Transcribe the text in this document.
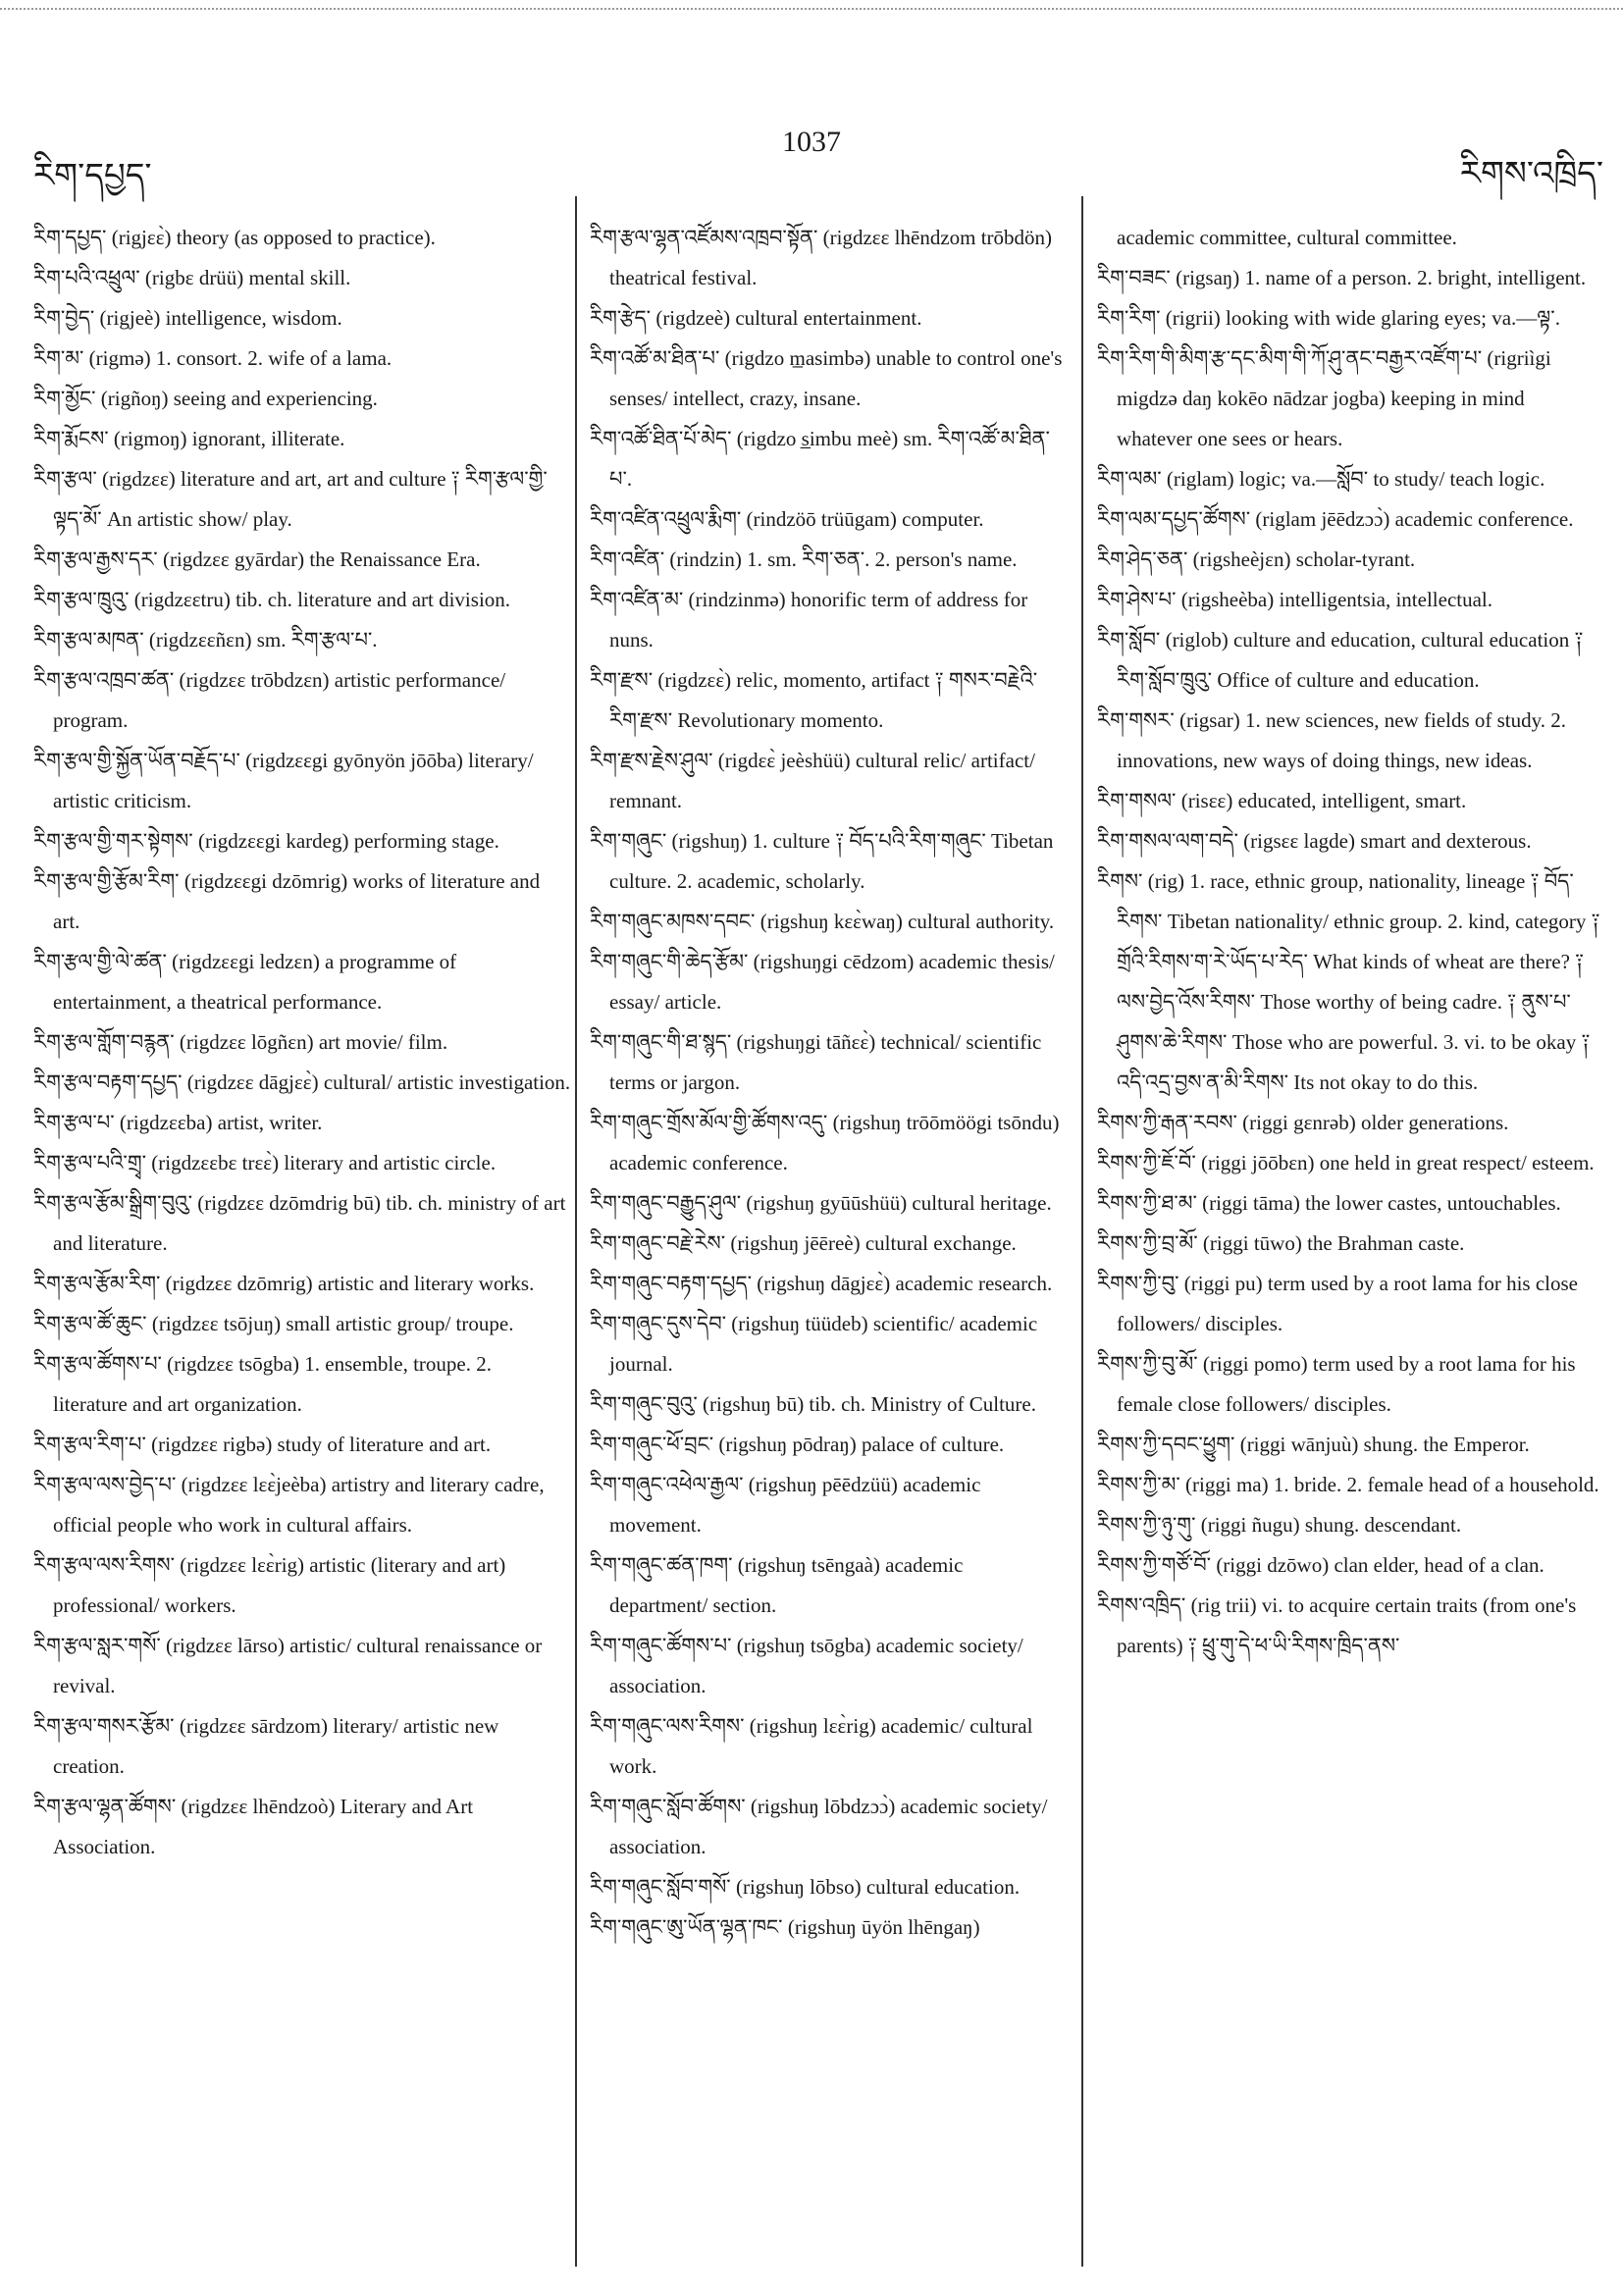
རིག་དཔྱད་
1037
རིགས་འཁྲིད་

རིག་དཔྱད་ (rigjɛɛ̀) theory (as opposed to practice).

རིག་པའི་འཕྲུལ་ (rigbɛ drüü) mental skill.

རིག་བྱེད་ (rigjeè) intelligence, wisdom.

རིག་མ་ (rigmə) 1. consort. 2. wife of a lama.

རིག་མྱོང་ (rigñoŋ) seeing and experiencing.

རིག་རྨོངས་ (rigmoŋ) ignorant, illiterate.

རིག་རྩལ་ (rigdzɛɛ) literature and art, art and culture ༑ རིག་རྩལ་གྱི་ལྟད་མོ་ An artistic show/ play.

རིག་རྩལ་རྒྱས་དར་ (rigdzɛɛ gyārdar) the Renaissance Era.

རིག་རྩལ་ཁྲུའུ་ (rigdzɛɛtru) tib. ch. literature and art division.

རིག་རྩལ་མཁན་ (rigdzɛɛñɛn) sm. རིག་རྩལ་པ་.

རིག་རྩལ་འཁྲབ་ཚན་ (rigdzɛɛ trōbdzɛn) artistic performance/ program.

རིག་རྩལ་གྱི་སྐྱོན་ཡོན་བརྗོད་པ་ (rigdzɛɛgi gyōnyön jōōba) literary/ artistic criticism.

རིག་རྩལ་གྱི་གར་སྟེགས་ (rigdzɛɛgi kardeg) performing stage.

རིག་རྩལ་གྱི་རྩོམ་རིག་ (rigdzɛɛgi dzōmrig) works of literature and art.

རིག་རྩལ་གྱི་ལེ་ཚན་ (rigdzɛɛgi ledzɛn) a programme of entertainment, a theatrical performance.

རིག་རྩལ་གློག་བརྙན་ (rigdzɛɛ lōgñɛn) art movie/ film.

རིག་རྩལ་བརྟག་དཔྱད་ (rigdzɛɛ dāgjɛɛ̀) cultural/ artistic investigation.

རིག་རྩལ་པ་ (rigdzɛɛba) artist, writer.

རིག་རྩལ་པའི་གྲྭ་ (rigdzɛɛbɛ trɛɛ̀) literary and artistic circle.

རིག་རྩལ་རྩོམ་སྒྲིག་བུའུ་ (rigdzɛɛ dzōmdrig bū) tib. ch. ministry of art and literature.

རིག་རྩལ་རྩོམ་རིག་ (rigdzɛɛ dzōmrig) artistic and literary works.

རིག་རྩལ་ཚོ་ཆུང་ (rigdzɛɛ tsōjuŋ) small artistic group/ troupe.

རིག་རྩལ་ཚོགས་པ་ (rigdzɛɛ tsōgba) 1. ensemble, troupe. 2. literature and art organization.

རིག་རྩལ་རིག་པ་ (rigdzɛɛ rigbə) study of literature and art.

རིག་རྩལ་ལས་བྱེད་པ་ (rigdzɛɛ lɛɛ̀jeèba) artistry and literary cadre, official people who work in cultural affairs.

རིག་རྩལ་ལས་རིགས་ (rigdzɛɛ lɛɛ̀rig) artistic (literary and art) professional/ workers.

རིག་རྩལ་སླར་གསོ་ (rigdzɛɛ lārso) artistic/ cultural renaissance or revival.

རིག་རྩལ་གསར་རྩོམ་ (rigdzɛɛ sārdzom) literary/ artistic new creation.

རིག་རྩལ་ལྷན་ཚོགས་ (rigdzɛɛ lhēndzoò) Literary and Art Association.

རིག་རྩལ་ལྷན་འཛོམས་འཁྲབ་སྟོན་ (rigdzɛɛ lhēndzom trōbdön) theatrical festival.

རིག་རྩེད་ (rigdzeè) cultural entertainment.

རིག་འཚོ་མ་ཐིན་པ་ (rigdzo m̲asimbə) unable to control one's senses/ intellect, crazy, insane.

རིག་འཚོ་ཐིན་པོ་མེད་ (rigdzo s̲imbu meè) sm. རིག་འཚོ་མ་ཐིན་པ་.

རིག་འཛིན་འཕྲུལ་རྨིག་ (rindzöō trüūgam) computer.

རིག་འཛིན་ (rindzin) 1. sm. རིག་ཅན་. 2. person's name.

རིག་འཛིན་མ་ (rindzinmə) honorific term of address for nuns.

རིག་རྫས་ (rigdzɛɛ̀) relic, momento, artifact ༑ གསར་བརྗེའི་རིག་རྫས་ Revolutionary momento.

རིག་རྫས་རྗེས་ཤུལ་ (rigdɛɛ̀ jeèshüü) cultural relic/ artifact/ remnant.

རིག་གཞུང་ (rigshuŋ) 1. culture ༑ བོད་པའི་རིག་གཞུང་ Tibetan culture. 2. academic, scholarly.

རིག་གཞུང་མཁས་དབང་ (rigshuŋ kɛɛ̀waŋ) cultural authority.

རིག་གཞུང་གི་ཆེད་རྩོམ་ (rigshuŋgi cēdzom) academic thesis/ essay/ article.

རིག་གཞུང་གི་ཐ་སྙད་ (rigshuŋgi tāñɛɛ̀) technical/ scientific terms or jargon.

རིག་གཞུང་གྲོས་མོལ་གྱི་ཚོགས་འདུ་ (rigshuŋ trōōmöögi tsōndu) academic conference.

རིག་གཞུང་བརྒྱུད་ཤུལ་ (rigshuŋ gyūūshüü) cultural heritage.

རིག་གཞུང་བརྗེ་རེས་ (rigshuŋ jēēreè) cultural exchange.

རིག་གཞུང་བརྟག་དཔྱད་ (rigshuŋ dāgjɛɛ̀) academic research.

རིག་གཞུང་དུས་དེབ་ (rigshuŋ tüüdeb) scientific/ academic journal.

རིག་གཞུང་བུའུ་ (rigshuŋ bū) tib. ch. Ministry of Culture.

རིག་གཞུང་ཕོ་བྲང་ (rigshuŋ pōdraŋ) palace of culture.

རིག་གཞུང་འཕེལ་རྒྱལ་ (rigshuŋ pēēdzüü) academic movement.

རིག་གཞུང་ཚན་ཁག་ (rigshuŋ tsēngaà) academic department/ section.

རིག་གཞུང་ཚོགས་པ་ (rigshuŋ tsōgba) academic society/ association.

རིག་གཞུང་ལས་རིགས་ (rigshuŋ lɛɛ̀rig) academic/ cultural work.

རིག་གཞུང་སློབ་ཚོགས་ (rigshuŋ lōbdzɔɔ̀) academic society/ association.

རིག་གཞུང་སློབ་གསོ་ (rigshuŋ lōbso) cultural education.

རིག་གཞུང་ཨུ་ཡོན་ལྷན་ཁང་ (rigshuŋ ūyön lhēngaŋ)

academic committee, cultural committee.

རིག་བཟང་ (rigsaŋ) 1. name of a person. 2. bright, intelligent.

རིག་རིག་ (rigrii) looking with wide glaring eyes; va.—ལྟ་.

རིག་རིག་གི་མིག་རྩ་དང་མིག་གི་ཀོ་ཤུ་ནང་བརྒྱར་འཛོག་པ་ (rigriìgi migdzə daŋ kokēo nādzar jogba) keeping in mind whatever one sees or hears.

རིག་ལམ་ (riglam) logic; va.—སློབ་ to study/ teach logic.

རིག་ལམ་དཔྱད་ཚོགས་ (riglam jēēdzɔɔ̀) academic conference.

རིག་ཤེད་ཅན་ (rigsheèjɛn) scholar-tyrant.

རིག་ཤེས་པ་ (rigsheèba) intelligentsia, intellectual.

རིག་སློབ་ (riglob) culture and education, cultural education ༑ རིག་སློབ་ཁྲུའུ་ Office of culture and education.

རིག་གསར་ (rigsar) 1. new sciences, new fields of study. 2. innovations, new ways of doing things, new ideas.

རིག་གསལ་ (risɛɛ) educated, intelligent, smart.

རིག་གསལ་ལག་བདེ་ (rigsɛɛ lagde) smart and dexterous.

རིགས་ (rig) 1. race, ethnic group, nationality, lineage ༑ བོད་རིགས་ Tibetan nationality/ ethnic group. 2. kind, category ༑ གྲོའི་རིགས་ག་རེ་ཡོད་པ་རེད་ What kinds of wheat are there? ༑ ལས་བྱེད་འོས་རིགས་ Those worthy of being cadre. ༑ ནུས་པ་ཤུགས་ཆེ་རིགས་ Those who are powerful. 3. vi. to be okay ༑ འདི་འདྲ་བྱས་ན་མི་རིགས་ Its not okay to do this.

རིགས་ཀྱི་རྒན་རབས་ (riggi gɛnrəb) older generations.

རིགས་ཀྱི་ཇོ་བོ་ (riggi jōōbɛn) one held in great respect/ esteem.

རིགས་ཀྱི་ཐ་མ་ (riggi tāma) the lower castes, untouchables.

རིགས་ཀྱི་བྲ་མོ་ (riggi tūwo) the Brahman caste.

རིགས་ཀྱི་བུ་ (riggi pu) term used by a root lama for his close followers/ disciples.

རིགས་ཀྱི་བུ་མོ་ (riggi pomo) term used by a root lama for his female close followers/ disciples.

རིགས་ཀྱི་དབང་ཕྱུག་ (riggi wānjuù) shung. the Emperor.

རིགས་ཀྱི་མ་ (riggi ma) 1. bride. 2. female head of a household.

རིགས་ཀྱི་ཉུ་གུ་ (riggi ñugu) shung. descendant.

རིགས་ཀྱི་གཙོ་བོ་ (riggi dzōwo) clan elder, head of a clan.

རིགས་འཁྲིད་ (rig trii) vi. to acquire certain traits (from one's parents) ༑ ཕྲུ་གུ་དེ་ཕ་ཡི་རིགས་ཁྲིད་ནས་
